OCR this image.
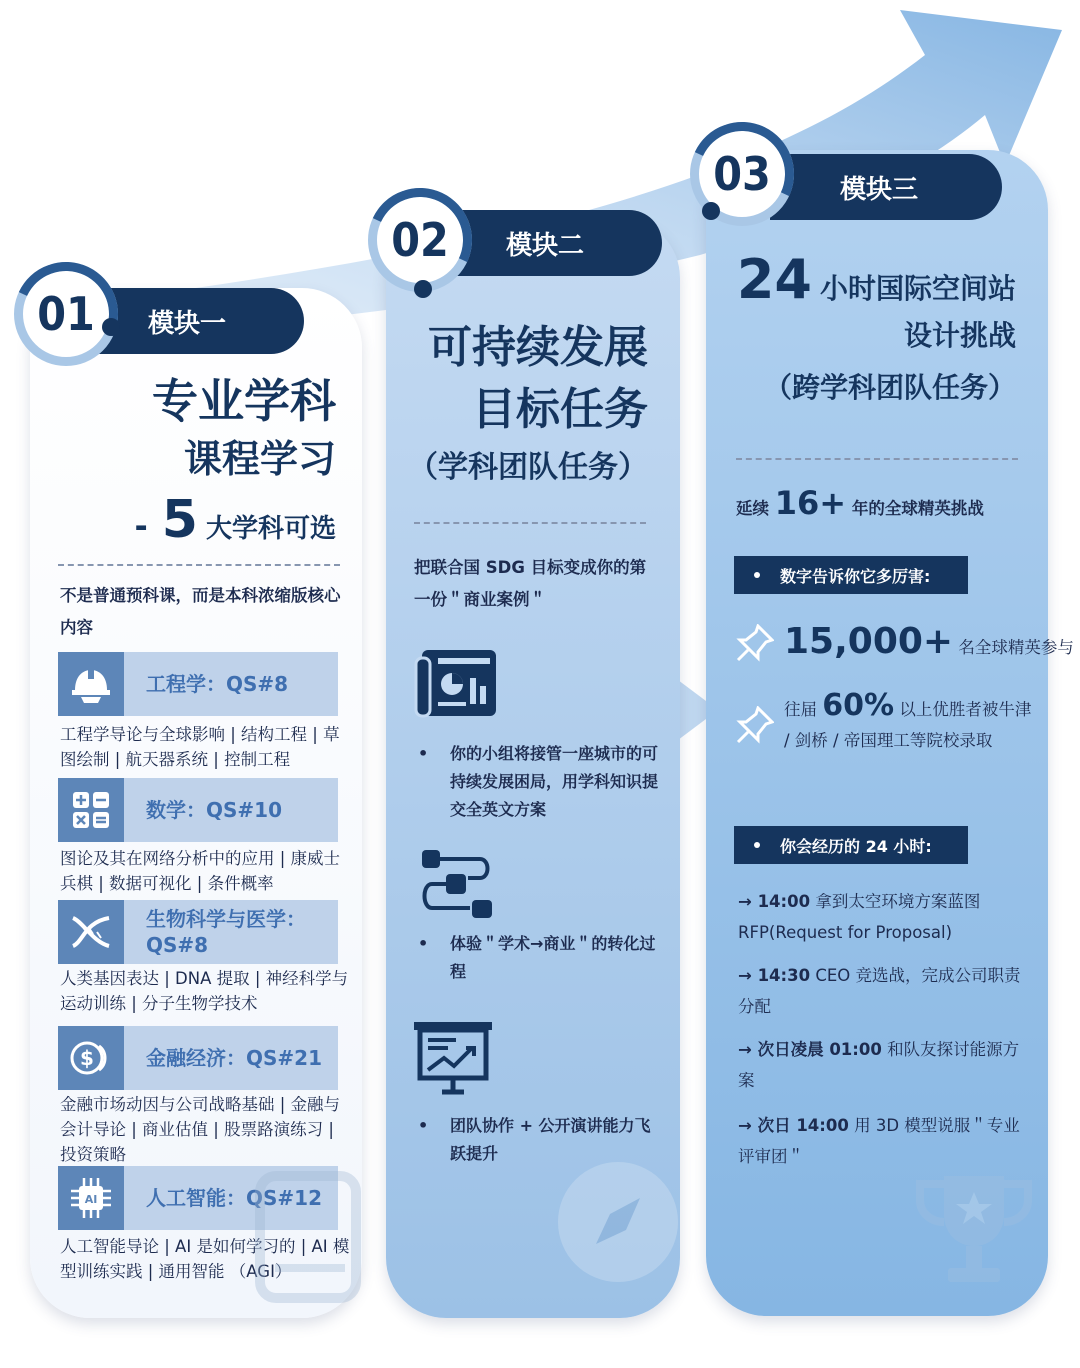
模块一
01
专业学科
课程学习
- 5 大学科可选
不是普通预科课，而是本科浓缩版核心内容
工程学：QS#8
工程学导论与全球影响 | 结构工程 | 草图绘制 | 航天器系统 | 控制工程
数学：QS#10
图论及其在网络分析中的应用 | 康威士兵棋 | 数据可视化 | 条件概率
生物科学与医学：QS#8
人类基因表达 | DNA 提取 | 神经科学与运动训练 | 分子生物学技术
$	金融经济：QS#21
金融市场动因与公司战略基础 | 金融与会计导论 | 商业估值 | 股票路演练习 | 投资策略
AI 人工智能：QS#12
人工智能导论 | AI 是如何学习的 | AI 模型训练实践 | 通用智能 （AGI）
模块二
02
可持续发展
目标任务
（学科团队任务）
把联合国 SDG 目标变成你的第一份＂商业案例＂
•	你的小组将接管一座城市的可持续发展困局，用学科知识提交全英文方案
•	体验＂学术→商业＂的转化过程
•	团队协作 + 公开演讲能力飞跃提升
模块三
03
24 小时国际空间站
设计挑战
（跨学科团队任务）
延续 16+ 年的全球精英挑战
数字告诉你它多厉害:
15,000+ 名全球精英参与
往届 60% 以上优胜者被牛津
/ 剑桥 / 帝国理工等院校录取
你会经历的 24 小时:
→ 14:00 拿到太空环境方案蓝图 RFP(Request for Proposal)
→ 14:30 CEO 竞选战，完成公司职责分配
→ 次日凌晨 01:00 和队友探讨能源方案
→ 次日 14:00 用 3D 模型说服＂专业评审团＂
